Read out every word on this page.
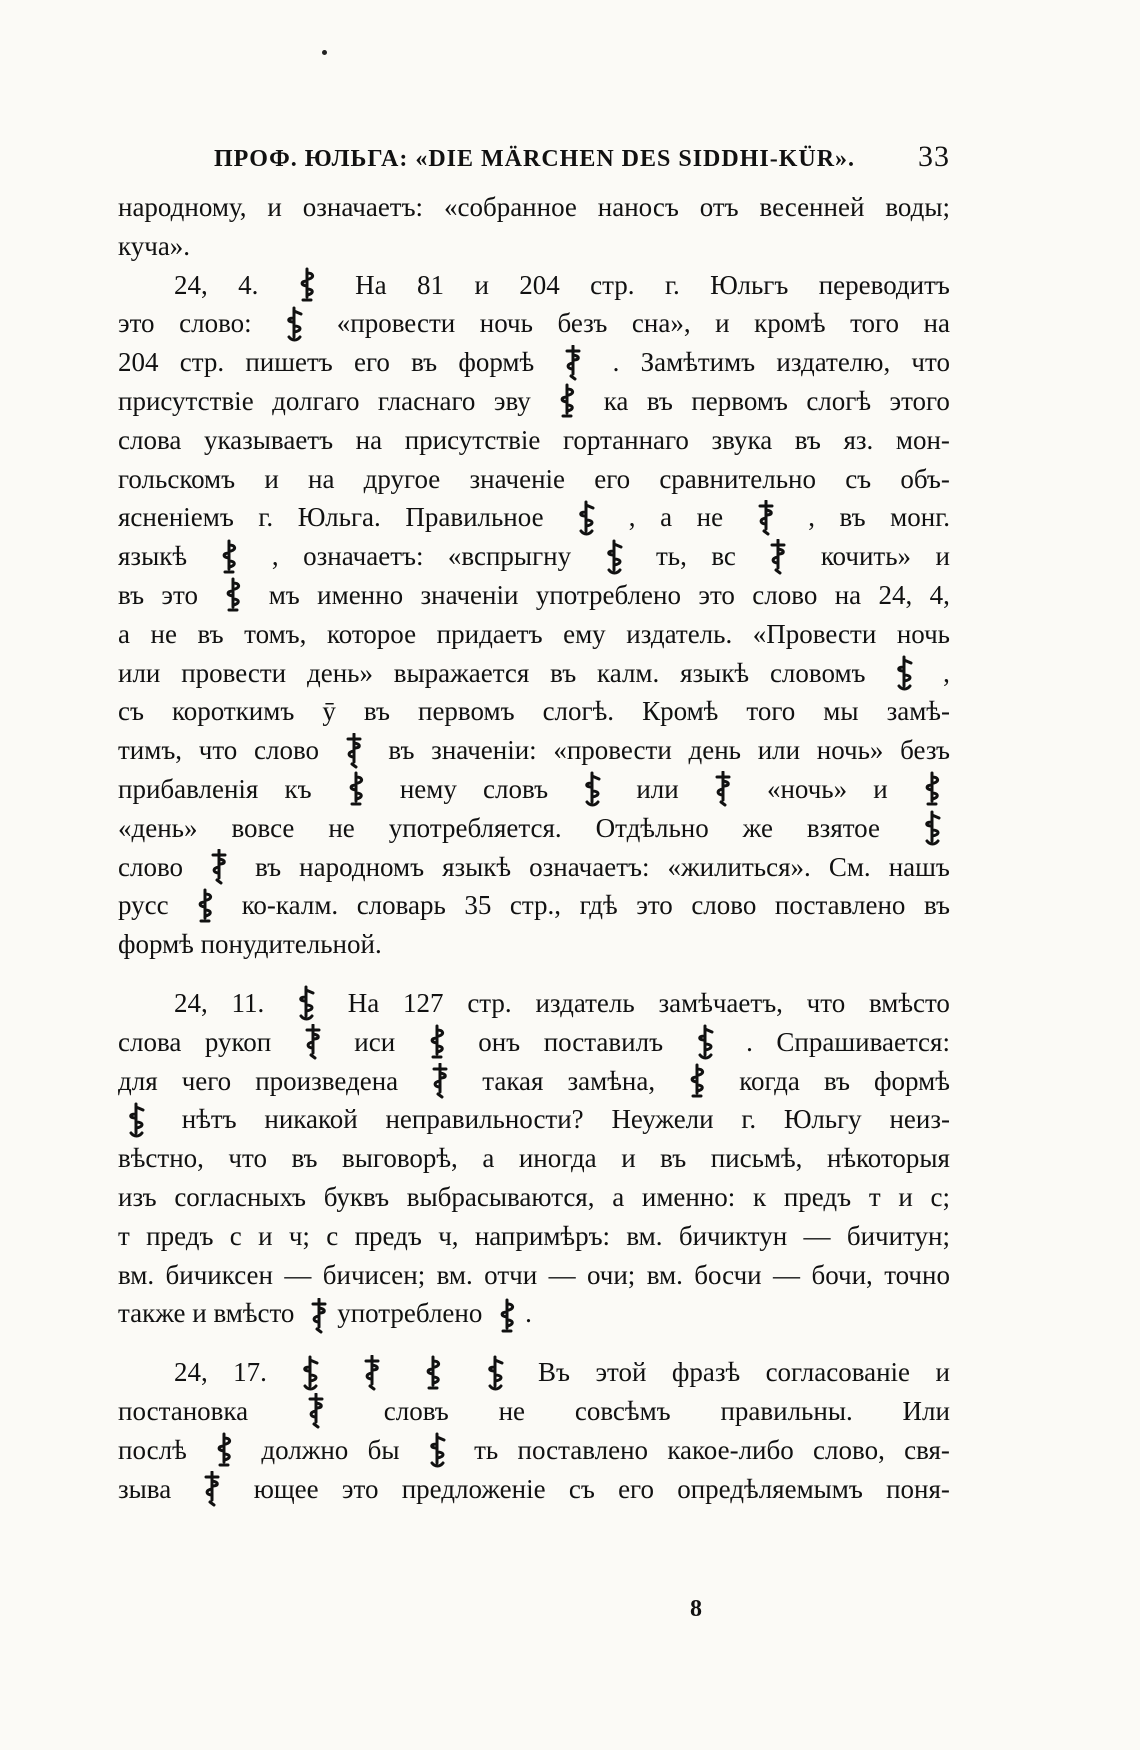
ПРОФ. ЮЛЬГА: «DIE MÄRCHEN DES SIDDHI-KÜR». 33
народному, и означаетъ: «собранное наносъ отъ весенней воды;
куча».
24, 4.	На 81 и 204 стр. г. Юльгъ переводитъ
это слово:	«провести ночь безъ сна», и кромѣ того на
204 стр. пишетъ его въ формѣ	. Замѣтимъ издателю, что
присутствіе долгаго гласнаго эву	ка въ первомъ слогѣ этого
слова указываетъ на присутствіе гортаннаго звука въ яз. мон-
гольскомъ и на другое значеніе его сравнительно съ объ-
ясненіемъ г. Юльга. Правильное	, а не	, въ монг.
языкѣ	, означаетъ: «вспрыгну	ть, вс	кочить» и
въ это	мъ именно значеніи употреблено это слово на 24, 4,
а не въ томъ, которое придаетъ ему издатель. «Провести ночь
или провести день» выражается въ калм. языкѣ словомъ	,
съ короткимъ ӯ въ первомъ слогѣ. Кромѣ того мы замѣ-
тимъ, что слово	въ значеніи: «провести день или ночь» безъ
прибавленія къ	нему словъ	или	«ночь» и
«день» вовсе не употребляется. Отдѣльно же взятое
слово	въ народномъ языкѣ означаетъ: «жилиться». См. нашъ
русс	ко-калм. словарь 35 стр., гдѣ это слово поставлено въ
формѣ понудительной.
24, 11.	На 127 стр. издатель замѣчаетъ, что вмѣсто
слова рукоп	иси	онъ поставилъ	. Спрашивается:
для чего произведена	такая замѣна,	когда въ формѣ
нѣтъ никакой неправильности? Неужели г. Юльгу неиз-
вѣстно, что въ выговорѣ, а иногда и въ письмѣ, нѣкоторыя
изъ согласныхъ буквъ выбрасываются, а именно: к предъ т и с;
т предъ с и ч; с предъ ч, напримѣръ: вм. бичиктун — бичитун;
вм. бичиксен — бичисен; вм. отчи — очи; вм. босчи — бочи, точно
также и вмѣсто употреблено .
24, 17.	Въ этой фразѣ согласованіе и
постановка	словъ не совсѣмъ правильны. Или
послѣ	должно бы	ть поставлено какое-либо слово, свя-
зыва	ющее это предложеніе съ его опредѣляемымъ поня-
8
